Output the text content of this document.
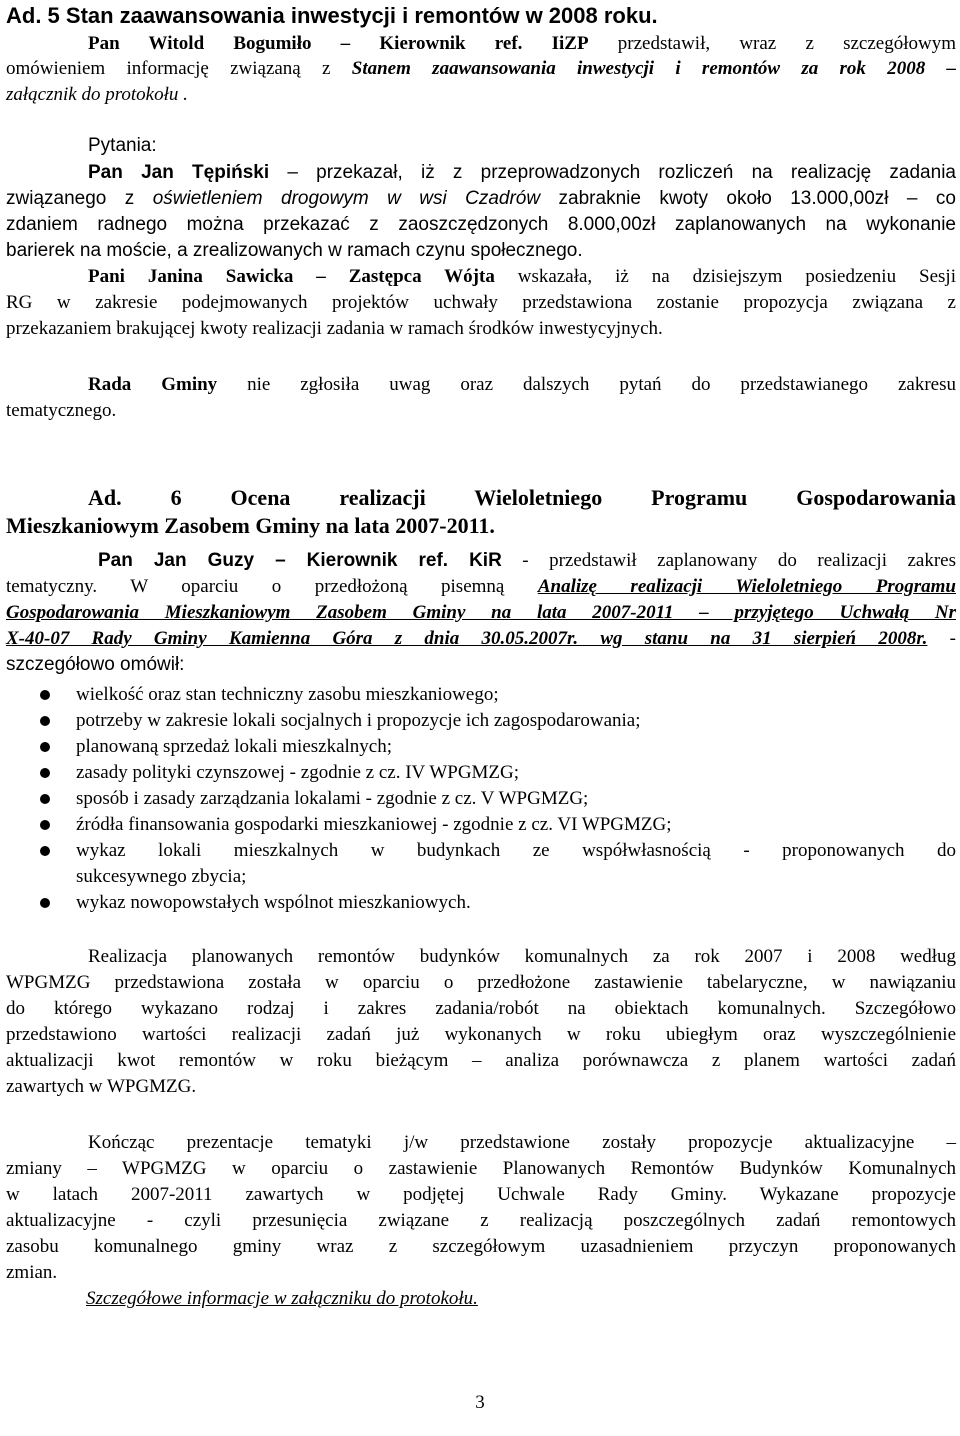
Ad. 5 Stan zaawansowania inwestycji i remontów w 2008 roku.
Pan Witold Bogumiło – Kierownik ref. IiZP przedstawił, wraz z szczegółowym
omówieniem informację związaną z Stanem zaawansowania inwestycji i remontów za rok 2008 –
załącznik do protokołu .
Pytania:
Pan Jan Tępiński – przekazał, iż z przeprowadzonych rozliczeń na realizację zadania
związanego z oświetleniem drogowym w wsi Czadrów zabraknie kwoty około 13.000,00zł – co
zdaniem radnego można przekazać z zaoszczędzonych 8.000,00zł zaplanowanych na wykonanie
barierek na moście, a zrealizowanych w ramach czynu społecznego.
Pani Janina Sawicka – Zastępca Wójta wskazała, iż na dzisiejszym posiedzeniu Sesji
RG w zakresie podejmowanych projektów uchwały przedstawiona zostanie propozycja związana z
przekazaniem brakującej kwoty realizacji zadania w ramach środków inwestycyjnych.
Rada Gminy nie zgłosiła uwag oraz dalszych pytań do przedstawianego zakresu
tematycznego.
Ad. 6 Ocena realizacji Wieloletniego Programu Gospodarowania
Mieszkaniowym Zasobem Gminy na lata 2007-2011.
Pan Jan Guzy – Kierownik ref. KiR - przedstawił zaplanowany do realizacji zakres
tematyczny. W oparciu o przedłożoną pisemną Analizę realizacji Wieloletniego Programu
Gospodarowania Mieszkaniowym Zasobem Gminy na lata 2007-2011 – przyjętego Uchwałą Nr
X-40-07 Rady Gminy Kamienna Góra z dnia 30.05.2007r. wg stanu na 31 sierpień 2008r. -
szczegółowo omówił:
wielkość oraz stan techniczny zasobu mieszkaniowego;
potrzeby w zakresie lokali socjalnych i propozycje ich zagospodarowania;
planowaną sprzedaż lokali mieszkalnych;
zasady polityki czynszowej - zgodnie z cz. IV WPGMZG;
sposób i zasady zarządzania lokalami - zgodnie z cz. V WPGMZG;
źródła finansowania gospodarki mieszkaniowej - zgodnie z cz. VI WPGMZG;
wykaz lokali mieszkalnych w budynkach ze współwłasnością - proponowanych do
sukcesywnego zbycia;
wykaz nowopowstałych wspólnot mieszkaniowych.
Realizacja planowanych remontów budynków komunalnych za rok 2007 i 2008 według
WPGMZG przedstawiona została w oparciu o przedłożone zastawienie tabelaryczne, w nawiązaniu
do którego wykazano rodzaj i zakres zadania/robót na obiektach komunalnych. Szczegółowo
przedstawiono wartości realizacji zadań już wykonanych w roku ubiegłym oraz wyszczególnienie
aktualizacji kwot remontów w roku bieżącym – analiza porównawcza z planem wartości zadań
zawartych w WPGMZG.
Kończąc prezentacje tematyki j/w przedstawione zostały propozycje aktualizacyjne –
zmiany – WPGMZG w oparciu o zastawienie Planowanych Remontów Budynków Komunalnych
w latach 2007-2011 zawartych w podjętej Uchwale Rady Gminy. Wykazane propozycje
aktualizacyjne - czyli przesunięcia związane z realizacją poszczególnych zadań remontowych
zasobu komunalnego gminy wraz z szczegółowym uzasadnieniem przyczyn proponowanych
zmian.
Szczegółowe informacje w załączniku do protokołu.
3
